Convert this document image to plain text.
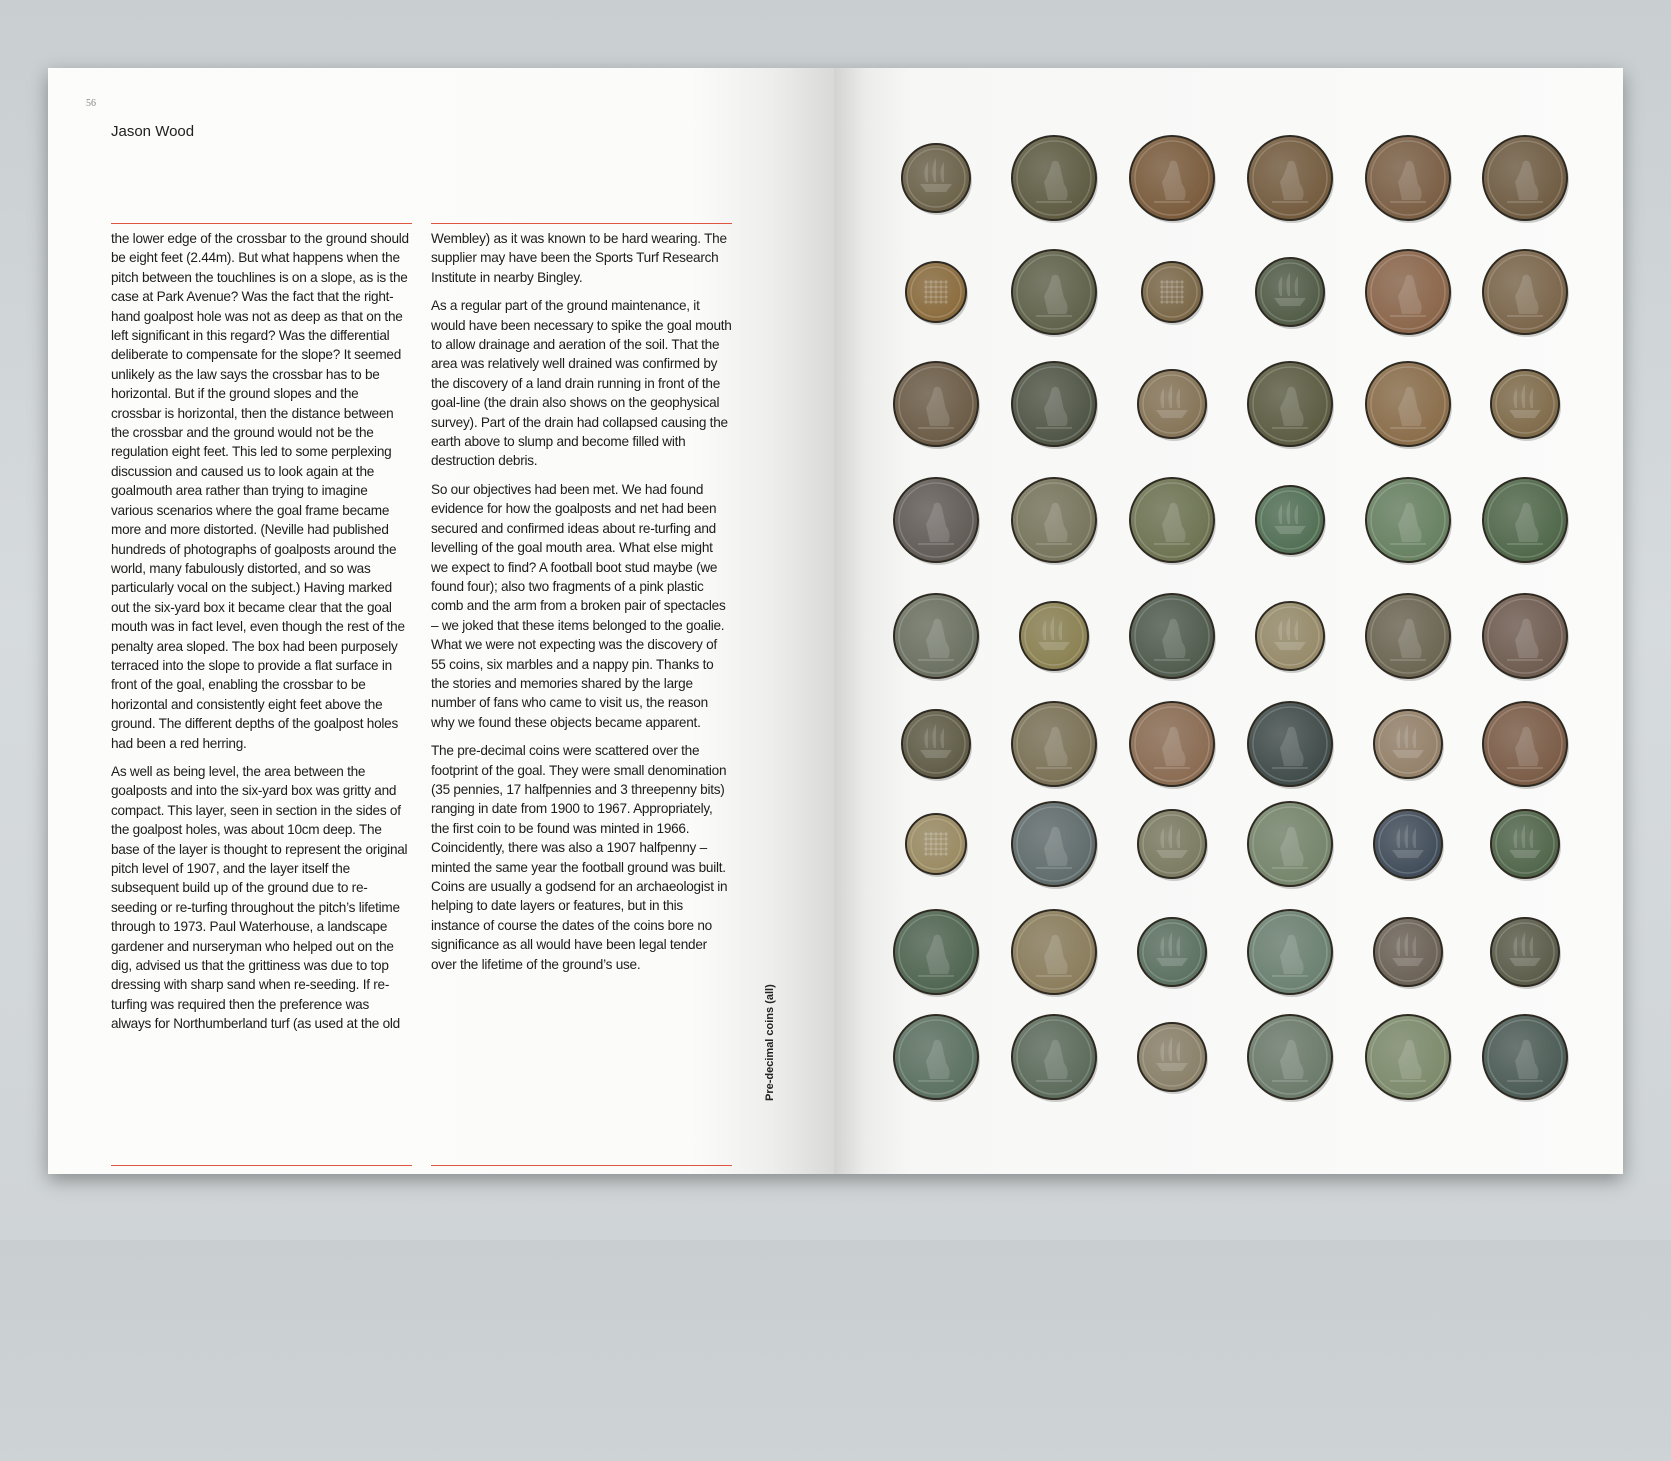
56
Jason Wood

the lower edge of the crossbar to the ground should be eight feet (2.44m). But what happens when the pitch between the touchlines is on a slope, as is the case at Park Avenue? Was the fact that the right-hand goalpost hole was not as deep as that on the left significant in this regard? Was the differential deliberate to compensate for the slope? It seemed unlikely as the law says the crossbar has to be horizontal. But if the ground slopes and the crossbar is horizontal, then the distance between the crossbar and the ground would not be the regulation eight feet. This led to some perplexing discussion and caused us to look again at the goalmouth area rather than trying to imagine various scenarios where the goal frame became more and more distorted. (Neville had published hundreds of photographs of goalposts around the world, many fabulously distorted, and so was particularly vocal on the subject.) Having marked out the six-yard box it became clear that the goal mouth was in fact level, even though the rest of the penalty area sloped. The box had been purposely terraced into the slope to provide a flat surface in front of the goal, enabling the crossbar to be horizontal and consistently eight feet above the ground. The different depths of the goalpost holes had been a red herring.

As well as being level, the area between the goalposts and into the six-yard box was gritty and compact. This layer, seen in section in the sides of the goalpost holes, was about 10cm deep. The base of the layer is thought to represent the original pitch level of 1907, and the layer itself the subsequent build up of the ground due to re-seeding or re-turfing throughout the pitch’s lifetime through to 1973. Paul Waterhouse, a landscape gardener and nurseryman who helped out on the dig, advised us that the grittiness was due to top dressing with sharp sand when re-seeding. If re-turfing was required then the preference was always for Northumberland turf (as used at the old

Wembley) as it was known to be hard wearing. The supplier may have been the Sports Turf Research Institute in nearby Bingley.

As a regular part of the ground maintenance, it would have been necessary to spike the goal mouth to allow drainage and aeration of the soil. That the area was relatively well drained was confirmed by the discovery of a land drain running in front of the goal-line (the drain also shows on the geophysical survey). Part of the drain had collapsed causing the earth above to slump and become filled with destruction debris.

So our objectives had been met. We had found evidence for how the goalposts and net had been secured and confirmed ideas about re-turfing and levelling of the goal mouth area. What else might we expect to find? A football boot stud maybe (we found four); also two fragments of a pink plastic comb and the arm from a broken pair of spectacles – we joked that these items belonged to the goalie. What we were not expecting was the discovery of 55 coins, six marbles and a nappy pin. Thanks to the stories and memories shared by the large number of fans who came to visit us, the reason why we found these objects became apparent.

The pre-decimal coins were scattered over the footprint of the goal. They were small denomination (35 pennies, 17 halfpennies and 3 threepenny bits) ranging in date from 1900 to 1967. Appropriately, the first coin to be found was minted in 1966. Coincidently, there was also a 1907 halfpenny – minted the same year the football ground was built. Coins are usually a godsend for an archaeologist in helping to date layers or features, but in this instance of course the dates of the coins bore no significance as all would have been legal tender over the lifetime of the ground’s use.

Pre-decimal coins (all)
